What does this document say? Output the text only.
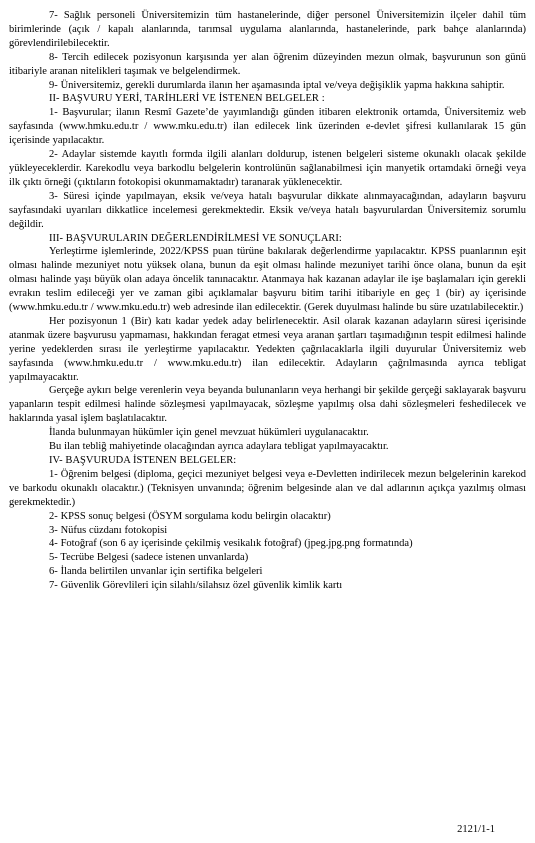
7- Sağlık personeli Üniversitemizin tüm hastanelerinde, diğer personel Üniversitemizin ilçeler dahil tüm birimlerinde (açık / kapalı alanlarında, tarımsal uygulama alanlarında, hastanelerinde, park bahçe alanlarında) görevlendirilebilecektir.

8- Tercih edilecek pozisyonun karşısında yer alan öğrenim düzeyinden mezun olmak, başvurunun son günü itibariyle aranan nitelikleri taşımak ve belgelendirmek.

9- Üniversitemiz, gerekli durumlarda ilanın her aşamasında iptal ve/veya değişiklik yapma hakkına sahiptir.

II- BAŞVURU YERİ, TARİHLERİ VE İSTENEN BELGELER :

1- Başvurular; ilanın Resmî Gazete’de yayımlandığı günden itibaren elektronik ortamda, Üniversitemiz web sayfasında (www.hmku.edu.tr / www.mku.edu.tr) ilan edilecek link üzerinden e-devlet şifresi kullanılarak 15 gün içerisinde yapılacaktır.

2- Adaylar sistemde kayıtlı formda ilgili alanları doldurup, istenen belgeleri sisteme okunaklı olacak şekilde yükleyeceklerdir. Karekodlu veya barkodlu belgelerin kontrolünün sağlanabilmesi için manyetik ortamdaki örneği veya ilk çıktı örneği (çıktıların fotokopisi okunmamaktadır) taranarak yüklenecektir.

3- Süresi içinde yapılmayan, eksik ve/veya hatalı başvurular dikkate alınmayacağından, adayların başvuru sayfasındaki uyarıları dikkatlice incelemesi gerekmektedir. Eksik ve/veya hatalı başvurulardan Üniversitemiz sorumlu değildir.

III- BAŞVURULARIN DEĞERLENDİRİLMESİ VE SONUÇLARI:

Yerleştirme işlemlerinde, 2022/KPSS puan türüne bakılarak değerlendirme yapılacaktır. KPSS puanlarının eşit olması halinde mezuniyet notu yüksek olana, bunun da eşit olması halinde mezuniyet tarihi önce olana, bunun da eşit olması halinde yaşı büyük olan adaya öncelik tanınacaktır. Atanmaya hak kazanan adaylar ile işe başlamaları için gerekli evrakın teslim edileceği yer ve zaman gibi açıklamalar başvuru bitim tarihi itibariyle en geç 1 (bir) ay içerisinde (www.hmku.edu.tr / www.mku.edu.tr) web adresinde ilan edilecektir. (Gerek duyulması halinde bu süre uzatılabilecektir.)

Her pozisyonun 1 (Bir) katı kadar yedek aday belirlenecektir. Asil olarak kazanan adayların süresi içerisinde atanmak üzere başvurusu yapmaması, hakkından feragat etmesi veya aranan şartları taşımadığının tespit edilmesi halinde yerine yedeklerden sırası ile yerleştirme yapılacaktır. Yedekten çağrılacaklarla ilgili duyurular Üniversitemiz web sayfasında (www.hmku.edu.tr / www.mku.edu.tr) ilan edilecektir. Adayların çağrılmasında ayrıca tebligat yapılmayacaktır.

Gerçeğe aykırı belge verenlerin veya beyanda bulunanların veya herhangi bir şekilde gerçeği saklayarak başvuru yapanların tespit edilmesi halinde sözleşmesi yapılmayacak, sözleşme yapılmış olsa dahi sözleşmeleri feshedilecek ve haklarında yasal işlem başlatılacaktır.

İlanda bulunmayan hükümler için genel mevzuat hükümleri uygulanacaktır.

Bu ilan tebliğ mahiyetinde olacağından ayrıca adaylara tebligat yapılmayacaktır.

IV- BAŞVURUDA İSTENEN BELGELER:

1- Öğrenim belgesi (diploma, geçici mezuniyet belgesi veya e-Devletten indirilecek mezun belgelerinin karekod ve barkodu okunaklı olacaktır.) (Teknisyen unvanında; öğrenim belgesinde alan ve dal adlarının açıkça yazılmış olması gerekmektedir.)

2- KPSS sonuç belgesi (ÖSYM sorgulama kodu belirgin olacaktır)

3- Nüfus cüzdanı fotokopisi

4- Fotoğraf (son 6 ay içerisinde çekilmiş vesikalık fotoğraf) (jpeg.jpg.png formatında)

5- Tecrübe Belgesi (sadece istenen unvanlarda)

6- İlanda belirtilen unvanlar için sertifika belgeleri

7- Güvenlik Görevlileri için silahlı/silahsız özel güvenlik kimlik kartı

2121/1-1
